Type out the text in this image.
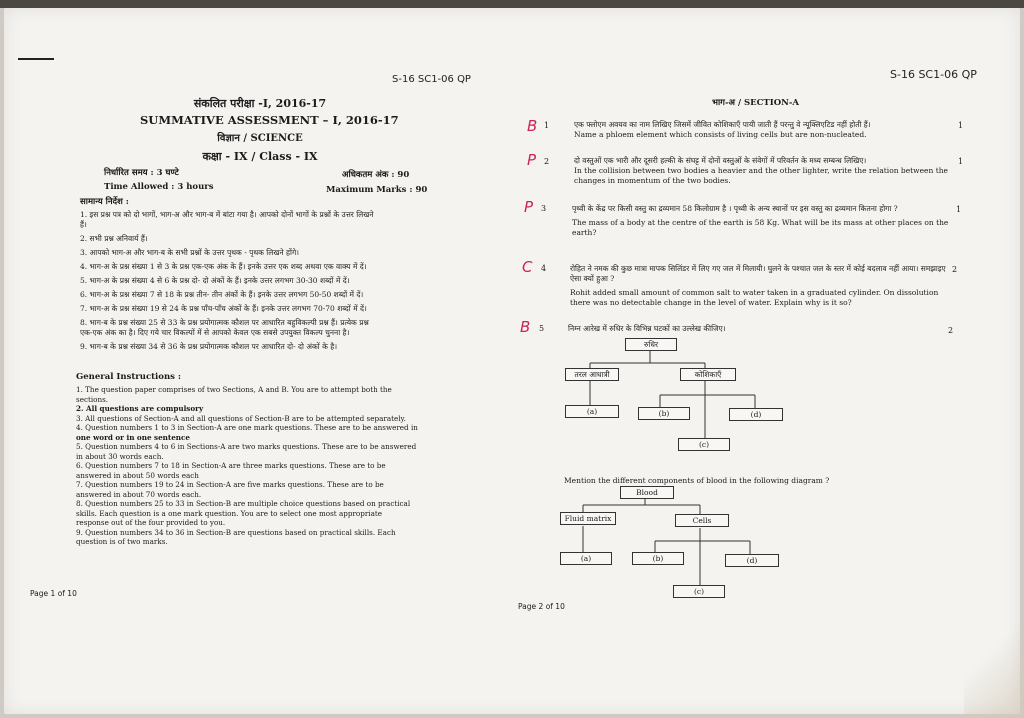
S-16 SC1-06 QP
संकलित परीक्षा -I, 2016-17
SUMMATIVE ASSESSMENT – I, 2016-17
विज्ञान / SCIENCE
कक्षा - IX / Class - IX
निर्धारित समय : 3 घण्टे	अधिकतम अंक : 90
Time Allowed : 3 hours	Maximum Marks : 90
सामान्य निर्देश :
1. इस प्रश्न पत्र को दो भागों, भाग-अ और भाग-ब में बांटा गया है। आपको दोनों भागों के प्रश्नों के उत्तर लिखने
हैं।
2. सभी प्रश्न अनिवार्य हैं।
3. आपको भाग-अ और भाग-ब के सभी प्रश्नों के उत्तर पृथक - पृथक लिखने होंगे।
4. भाग-अ के प्रश्न संख्या 1 से 3 के प्रश्न एक-एक अंक के हैं। इनके उत्तर एक शब्द अथवा एक वाक्य में दें।
5. भाग-अ के प्रश्न संख्या 4 से 6 के प्रश्न दो- दो अंकों के हैं। इनके उत्तर लगभग 30-30 शब्दों में दें।
6. भाग-अ के प्रश्न संख्या 7 से 18 के प्रश्न तीन- तीन अंकों के हैं। इनके उत्तर लगभग 50-50 शब्दों में दें।
7. भाग-अ के प्रश्न संख्या 19 से 24 के प्रश्न पाँच-पाँच अंकों के हैं। इनके उत्तर लगभग 70-70 शब्दों में दें।
8. भाग-ब के प्रश्न संख्या 25 से 33 के प्रश्न प्रयोगात्मक कौशल पर आधारित बहुविकल्पी प्रश्न हैं। प्रत्येक प्रश्न
एक-एक अंक का है। दिए गये चार विकल्पों में से आपको केवल एक सबसे उपयुक्त विकल्प चुनना है।
9. भाग-ब के प्रश्न संख्या 34 से 36 के प्रश्न प्रयोगात्मक कौशल पर आधारित दो- दो अंकों के है।
General Instructions :
1. The question paper comprises of two Sections, A and B. You are to attempt both the
sections.
2. All questions are compulsory
3. All questions of Section-A and all questions of Section-B are to be attempted separately.
4. Question numbers 1 to 3 in Section-A are one mark questions. These are to be answered in
one word or in one sentence
5. Question numbers 4 to 6 in Sections-A are two marks questions. These are to be answered
in about 30 words each.
6. Question numbers 7 to 18 in Section-A are three marks questions. These are to be
answered in about 50 words each
7. Question numbers 19 to 24 in Section-A are five marks questions. These are to be
answered in about 70 words each.
8. Question numbers 25 to 33 in Section-B are multiple choice questions based on practical
skills. Each question is a one mark question. You are to select one most appropriate
response out of the four provided to you.
9. Question numbers 34 to 36 in Section-B are questions based on practical skills. Each
question is of two marks.
Page 1 of 10
S-16 SC1-06 QP
भाग-अ / SECTION-A
B 1	एक फ्लोएम अवयव का नाम लिखिए जिसमें जीवित कोशिकाएँ पायी जाती हैं परन्तु वे न्यूक्लिएटिड नहीं होती हैं।
Name a phloem element which consists of living cells but are non-nucleated.
1
P 2	दो वस्तुओं एक भारी और दूसरी हल्की के संघट्ट में दोनों वस्तुओं के संवेगों में परिवर्तन के मध्य सम्बन्ध लिखिए।
In the collision between two bodies a heavier and the other lighter, write the relation between the changes in momentum of the two bodies.
1
P 3	पृथ्वी के केंद्र पर किसी वस्तु का द्रव्यमान 58 किलोग्राम है । पृथ्वी के अन्य स्थानों पर इस वस्तु का द्रव्यमान कितना होगा ?
The mass of a body at the centre of the earth is 58 Kg. What will be its mass at other places on the earth?
1
C 4	रोहित ने नमक की कुछ मात्रा मापक सिलिंडर में लिए गए जल में मिलायी। घुलने के पश्चात जल के स्तर में कोई बदलाव नहीं आया। समझाइए ऐसा क्यों हुआ ?
Rohit added small amount of common salt to water taken in a graduated cylinder. On dissolution there was no detectable change in the level of water. Explain why is it so?
2
B 5	निम्न आरेख में रुधिर के विभिन्न घटकों का उल्लेख कीजिए।	2
रुधिर
तरल आधात्री	कोशिकाएँ
(a)	(b)	(d)
(c)
Mention the different components of blood in the following diagram ?
Blood
Fluid matrix	Cells
(a)	(b)	(d)
(c)
Page 2 of 10
